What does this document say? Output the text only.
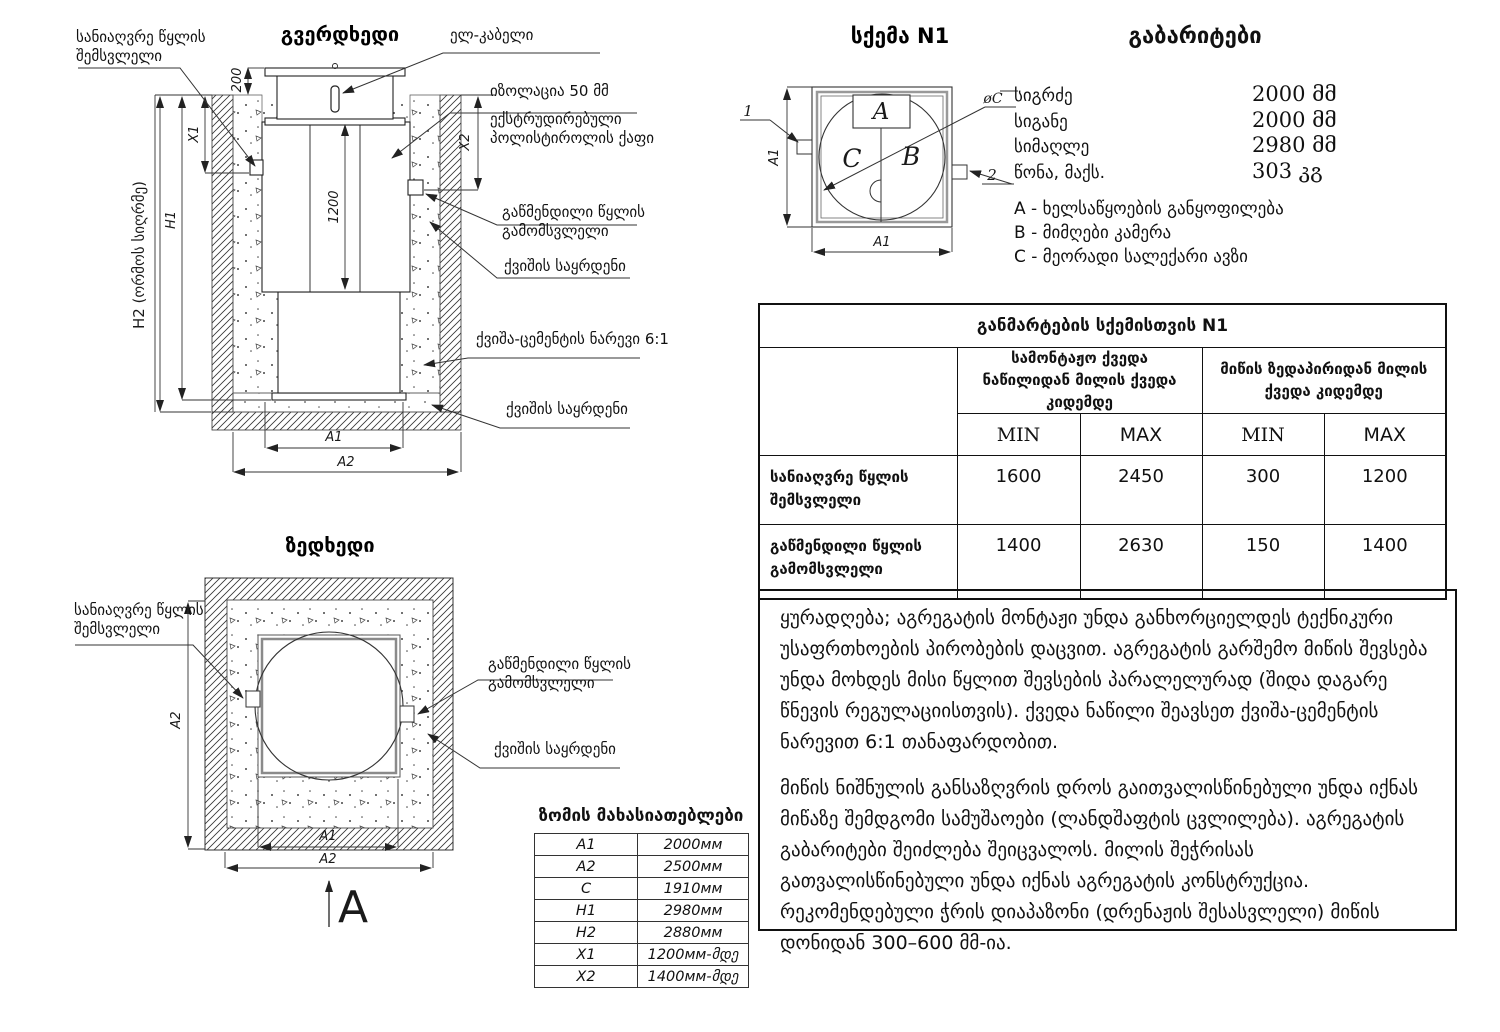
გვერდხედი
200
X1
H1
H2 (ორმოს სიღრმე)
X2
1200
A1
A2
სანიაღვრე წყლის შემსვლელი
ელ-კაბელი
იზოლაცია 50 მმ
ექსტრუდირებული პოლისტიროლის ქაფი
გაწმენდილი წყლის გამომსვლელი
ქვიშის საყრდენი
ქვიშა-ცემენტის ნარევი 6:1
ქვიშის საყრდენი
ზედხედი
A2
A1
A2
A
სანიაღვრე წყლის შემსვლელი
გაწმენდილი წყლის გამომსვლელი
ქვიშის საყრდენი
სქემა N1
A
C B
øC
1
2
A1
A1
გაბარიტები
სიგრძე	2000 მმ
სიგანე	2000 მმ
სიმაღლე	2980 მმ
წონა, მაქს.	303 კგ
A - ხელსაწყოების განყოფილება
B - მიმღები კამერა
C - მეორადი სალექარი ავზი
განმარტების სქემისთვის N1				
	სამონტაჟო ქვედა ნაწილიდან მილის ქვედა კიდემდე		მიწის ზედაპირიდან მილის ქვედა კიდემდე	
	MIN	MAX	MIN	MAX
სანიაღვრე წყლის შემსვლელი	1600	2450	300	1200
გაწმენდილი წყლის გამომსვლელი	1400	2630	150	1400
ზომის მახასიათებლები
A1	2000мм
A2	2500мм
C	1910мм
H1	2980мм
H2	2880мм
X1	1200мм-მდე
X2	1400мм-მდე
ყურადღება; აგრეგატის მონტაჟი უნდა განხორციელდეს ტექნიკური უსაფრთხოების პირობების დაცვით. აგრეგატის გარშემო მიწის შევსება უნდა მოხდეს მისი წყლით შევსების პარალელურად (შიდა დაგარე წნევის რეგულაციისთვის). ქვედა ნაწილი შეავსეთ ქვიშა-ცემენტის ნარევით 6:1 თანაფარდობით.
მიწის ნიშნულის განსაზღვრის დროს გაითვალისწინებული უნდა იქნას მიწაზე შემდგომი სამუშაოები (ლანდშაფტის ცვლილება). აგრეგატის გაბარიტები შეიძლება შეიცვალოს. მილის შეჭრისას გათვალისწინებული უნდა იქნას აგრეგატის კონსტრუქცია. რეკომენდებული ჭრის დიაპაზონი (დრენაჟის შესასვლელი) მიწის დონიდან 300–600 მმ-ია.
